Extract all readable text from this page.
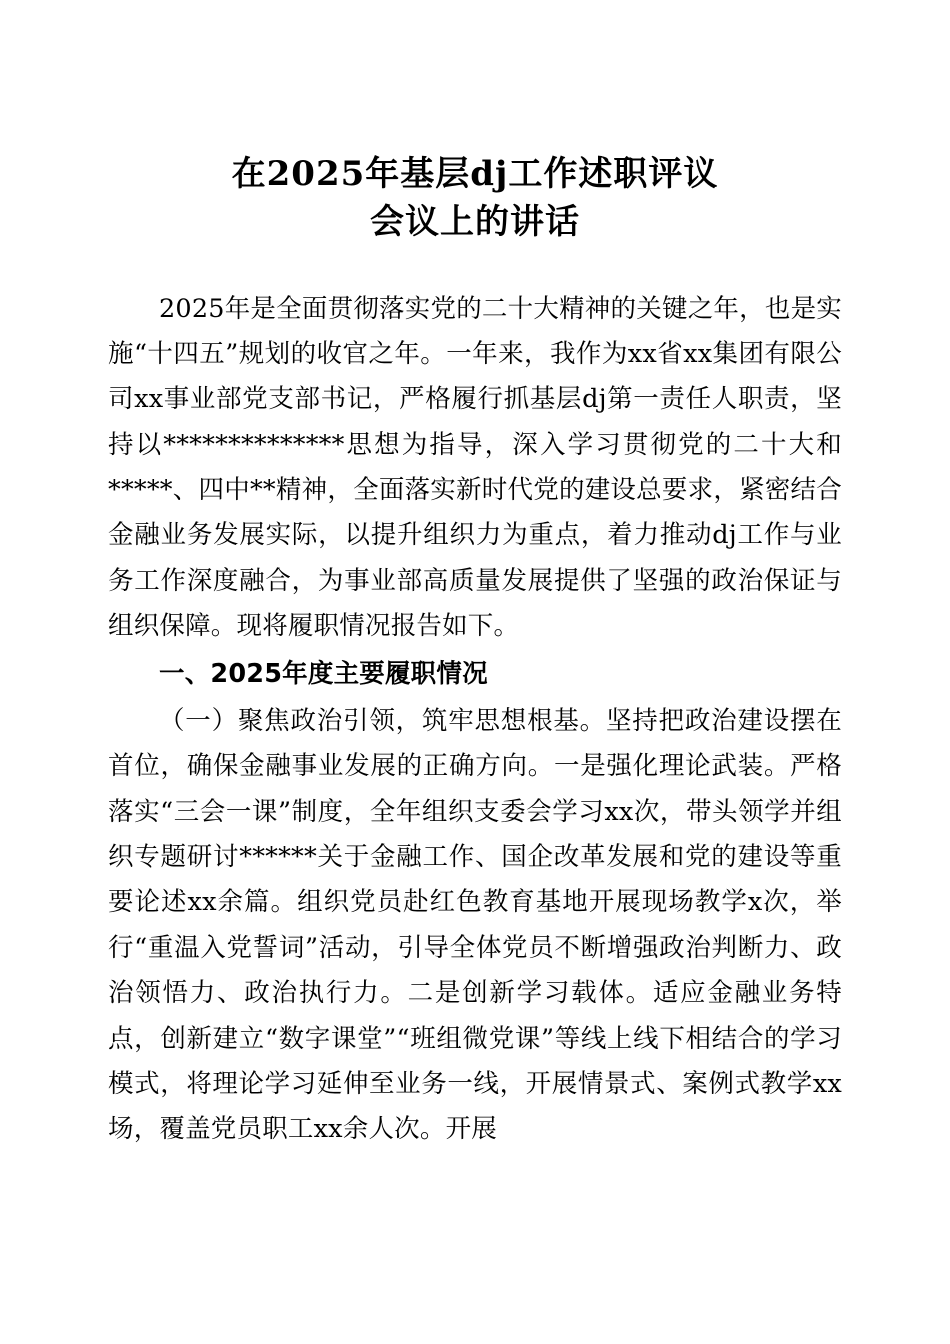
在2025年基层dj工作述职评议
会议上的讲话

2025年是全面贯彻落实党的二十大精神的关键之年，也是实施“十四五”规划的收官之年。一年来，我作为xx省xx集团有限公司xx事业部党支部书记，严格履行抓基层dj第一责任人职责，坚持以**************思想为指导，深入学习贯彻党的二十大和*****、四中**精神，全面落实新时代党的建设总要求，紧密结合金融业务发展实际，以提升组织力为重点，着力推动dj工作与业务工作深度融合，为事业部高质量发展提供了坚强的政治保证与组织保障。现将履职情况报告如下。

一、2025年度主要履职情况

（一）聚焦政治引领，筑牢思想根基。坚持把政治建设摆在首位，确保金融事业发展的正确方向。一是强化理论武装。严格落实“三会一课”制度，全年组织支委会学习xx次，带头领学并组织专题研讨******关于金融工作、国企改革发展和党的建设等重要论述xx余篇。组织党员赴红色教育基地开展现场教学x次，举行“重温入党誓词”活动，引导全体党员不断增强政治判断力、政治领悟力、政治执行力。二是创新学习载体。适应金融业务特点，创新建立“数字课堂”“班组微党课”等线上线下相结合的学习模式，将理论学习延伸至业务一线，开展情景式、案例式教学xx场，覆盖党员职工xx余人次。开展
